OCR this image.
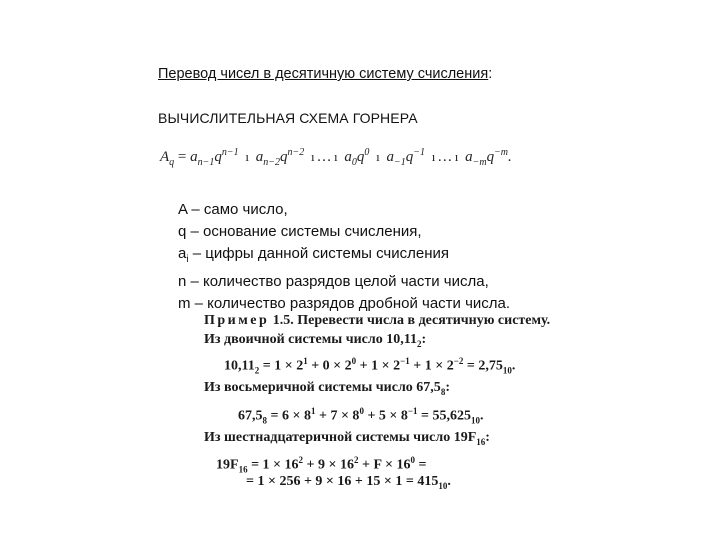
Перевод чисел в десятичную систему счисления:
ВЫЧИСЛИТЕЛЬНАЯ СХЕМА ГОРНЕРА
$A_q = a_{n-1}q^{n-1}$ ı $a_{n-2}q^{n-2}$ ı … ı $a_0q^0$ ı $a_{-1}q^{-1}$ ı … ı $a_{-m}q^{-m}$.
A – само число,
q – основание системы счисления,
$a_i$ – цифры данной системы счисления
n – количество разрядов целой части числа,
m – количество разрядов дробной части числа.
Пример 1.5. Перевести числа в десятичную систему.
Из двоичной системы число $10,11_2$:
$10,11_2 = 1 \times 2^1 + 0 \times 2^0 + 1 \times 2^{-1} + 1 \times 2^{-2} = 2,75_{10}$.
Из восьмеричной системы число $67,5_8$:
$67,5_8 = 6 \times 8^1 + 7 \times 8^0 + 5 \times 8^{-1} = 55,625_{10}$.
Из шестнадцатеричной системы число $19F_{16}$:
$19F_{16} = 1 \times 16^2 + 9 \times 16^2 + F \times 16^0$ =
= $1 \times 256 + 9 \times 16 + 15 \times 1 = 415_{10}$.
